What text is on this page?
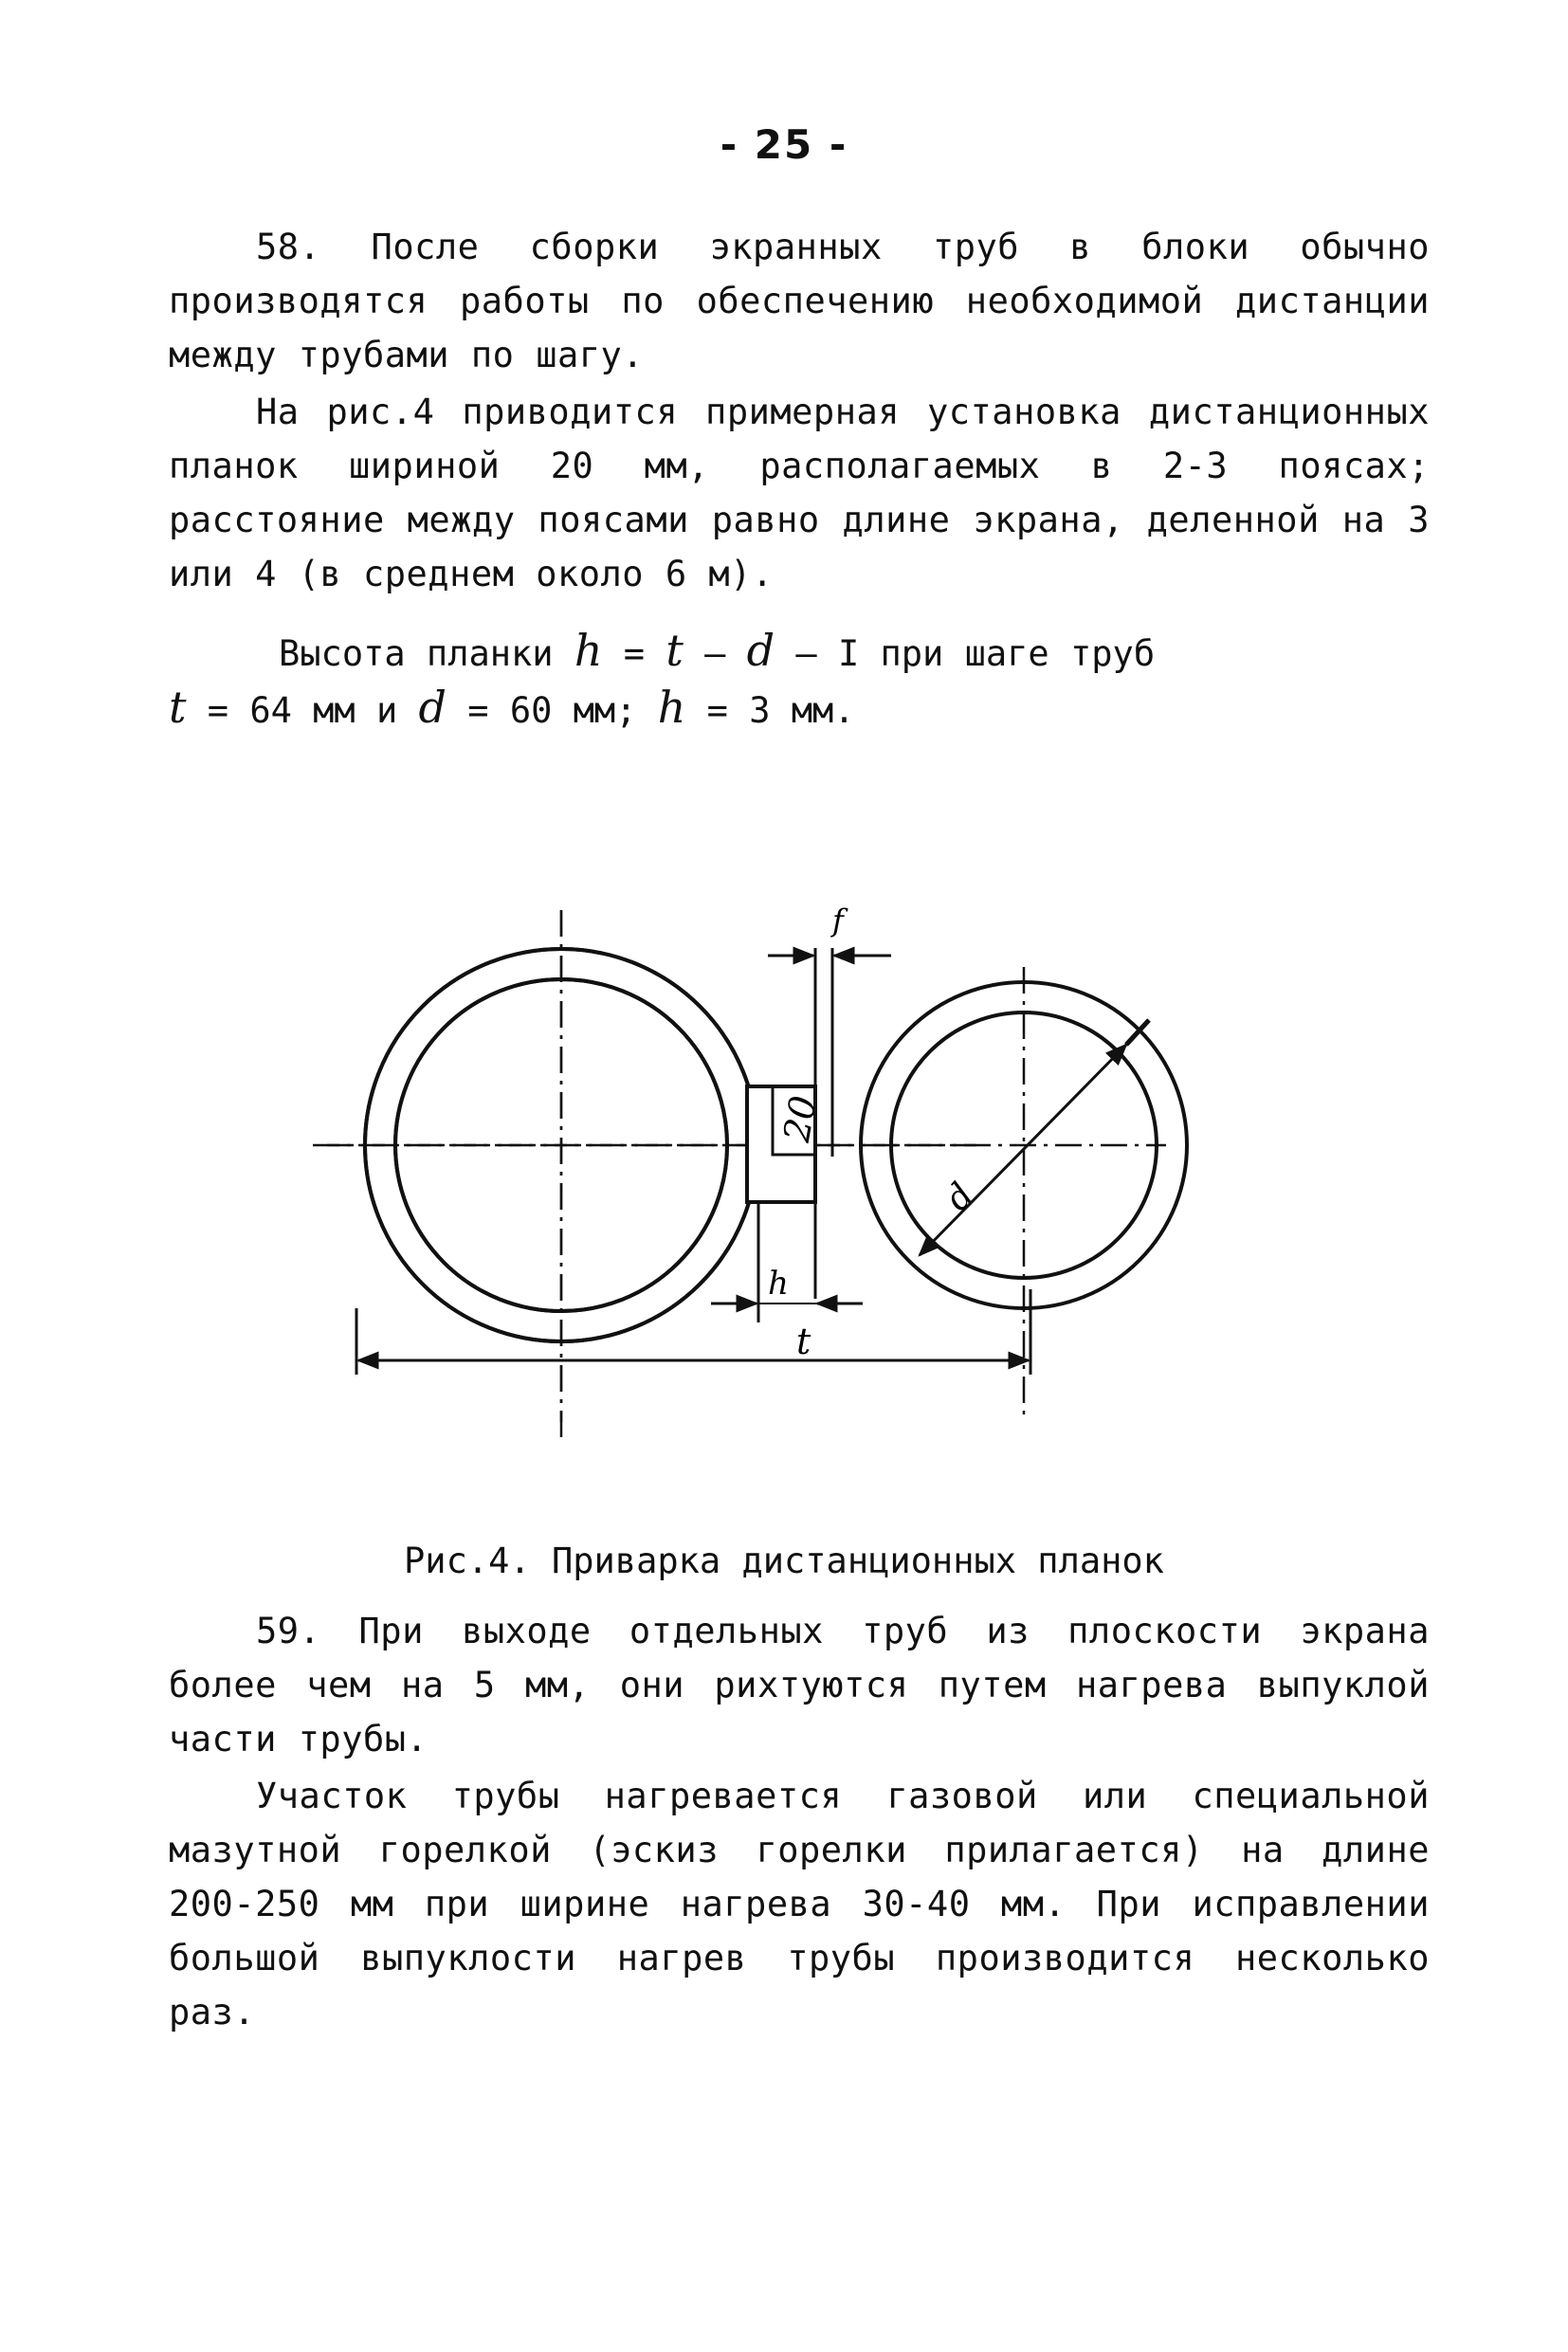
- 25 -

58. После сборки экранных труб в блоки обычно производятся работы по обеспечению необходимой дистанции между трубами по шагу.

На рис.4 приводится примерная установка дистанционных планок шириной 20 мм, располагаемых в 2-3 поясах; расстояние между поясами равно длине экрана, деленной на 3 или 4 (в среднем около 6 м).

Высота планки h = t – d – I при шаге труб
t = 64 мм и d = 60 мм; h = 3 мм.
20
f
h
t
d
Рис.4. Приварка дистанционных планок

59. При выходе отдельных труб из плоскости экрана более чем на 5 мм, они рихтуются путем нагрева выпуклой части трубы.

Участок трубы нагревается газовой или специальной мазутной горелкой (эскиз горелки прилагается) на длине 200-250 мм при ширине нагрева 30-40 мм. При исправлении большой выпуклости нагрев трубы производится несколько раз.
